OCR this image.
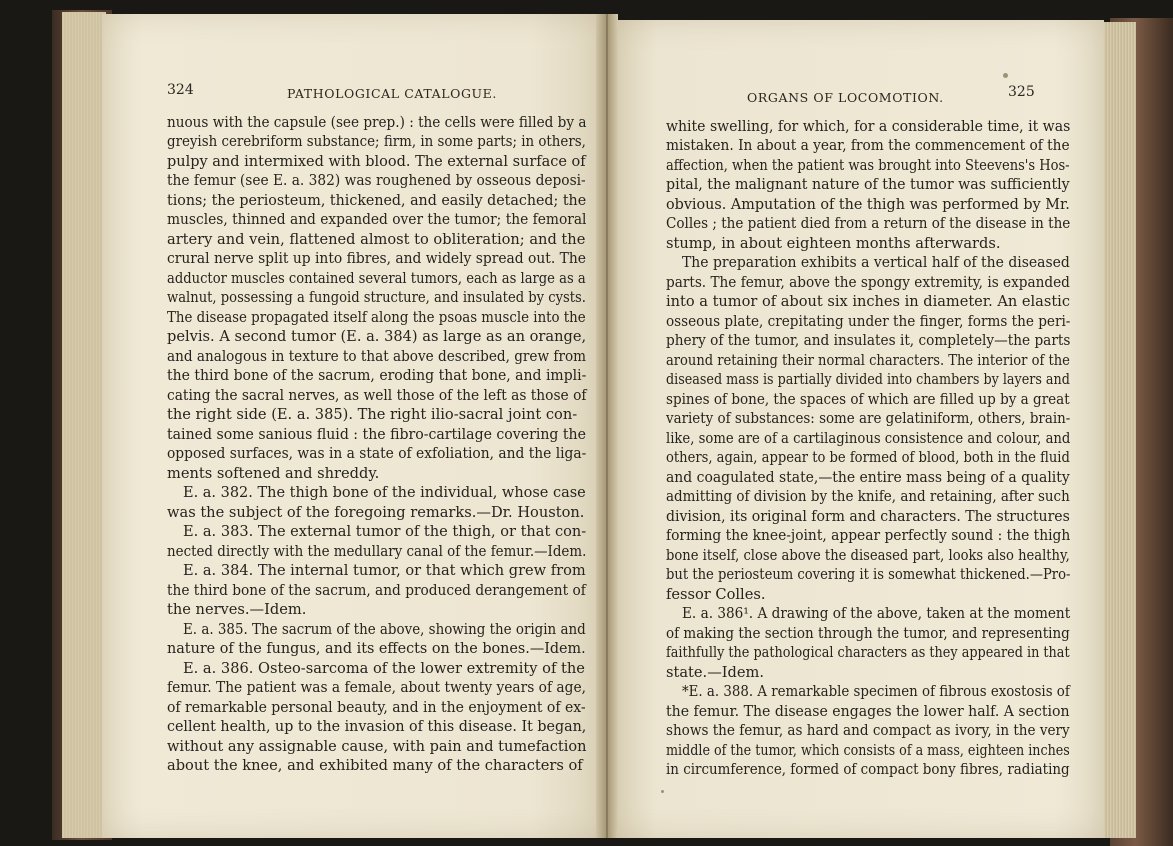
324	PATHOLOGICAL CATALOGUE.	ORGANS OF LOCOMOTION.	325
nuous with the capsule (see prep.) : the cells were filled by a
greyish cerebriform substance; firm, in some parts; in others,
pulpy and intermixed with blood. The external surface of
the femur (see E. a. 382) was roughened by osseous deposi-
tions; the periosteum, thickened, and easily detached; the
muscles, thinned and expanded over the tumor; the femoral
artery and vein, flattened almost to obliteration; and the
crural nerve split up into fibres, and widely spread out. The
adductor muscles contained several tumors, each as large as a
walnut, possessing a fungoid structure, and insulated by cysts.
The disease propagated itself along the psoas muscle into the
pelvis. A second tumor (E. a. 384) as large as an orange,
and analogous in texture to that above described, grew from
the third bone of the sacrum, eroding that bone, and impli-
cating the sacral nerves, as well those of the left as those of
the right side (E. a. 385). The right ilio-sacral joint con-
tained some sanious fluid : the fibro-cartilage covering the
opposed surfaces, was in a state of exfoliation, and the liga-
ments softened and shreddy.
E. a. 382. The thigh bone of the individual, whose case
was the subject of the foregoing remarks.—Dr. Houston.
E. a. 383. The external tumor of the thigh, or that con-
nected directly with the medullary canal of the femur.—Idem.
E. a. 384. The internal tumor, or that which grew from
the third bone of the sacrum, and produced derangement of
the nerves.—Idem.
E. a. 385. The sacrum of the above, showing the origin and
nature of the fungus, and its effects on the bones.—Idem.
E. a. 386. Osteo-sarcoma of the lower extremity of the
femur. The patient was a female, about twenty years of age,
of remarkable personal beauty, and in the enjoyment of ex-
cellent health, up to the invasion of this disease. It began,
without any assignable cause, with pain and tumefaction
about the knee, and exhibited many of the characters of
white swelling, for which, for a considerable time, it was
mistaken. In about a year, from the commencement of the
affection, when the patient was brought into Steevens's Hos-
pital, the malignant nature of the tumor was sufficiently
obvious. Amputation of the thigh was performed by Mr.
Colles ; the patient died from a return of the disease in the
stump, in about eighteen months afterwards.
The preparation exhibits a vertical half of the diseased
parts. The femur, above the spongy extremity, is expanded
into a tumor of about six inches in diameter. An elastic
osseous plate, crepitating under the finger, forms the peri-
phery of the tumor, and insulates it, completely—the parts
around retaining their normal characters. The interior of the
diseased mass is partially divided into chambers by layers and
spines of bone, the spaces of which are filled up by a great
variety of substances: some are gelatiniform, others, brain-
like, some are of a cartilaginous consistence and colour, and
others, again, appear to be formed of blood, both in the fluid
and coagulated state,—the entire mass being of a quality
admitting of division by the knife, and retaining, after such
division, its original form and characters. The structures
forming the knee-joint, appear perfectly sound : the thigh
bone itself, close above the diseased part, looks also healthy,
but the periosteum covering it is somewhat thickened.—Pro-
fessor Colles.
E. a. 386¹. A drawing of the above, taken at the moment
of making the section through the tumor, and representing
faithfully the pathological characters as they appeared in that
state.—Idem.
*E. a. 388. A remarkable specimen of fibrous exostosis of
the femur. The disease engages the lower half. A section
shows the femur, as hard and compact as ivory, in the very
middle of the tumor, which consists of a mass, eighteen inches
in circumference, formed of compact bony fibres, radiating
